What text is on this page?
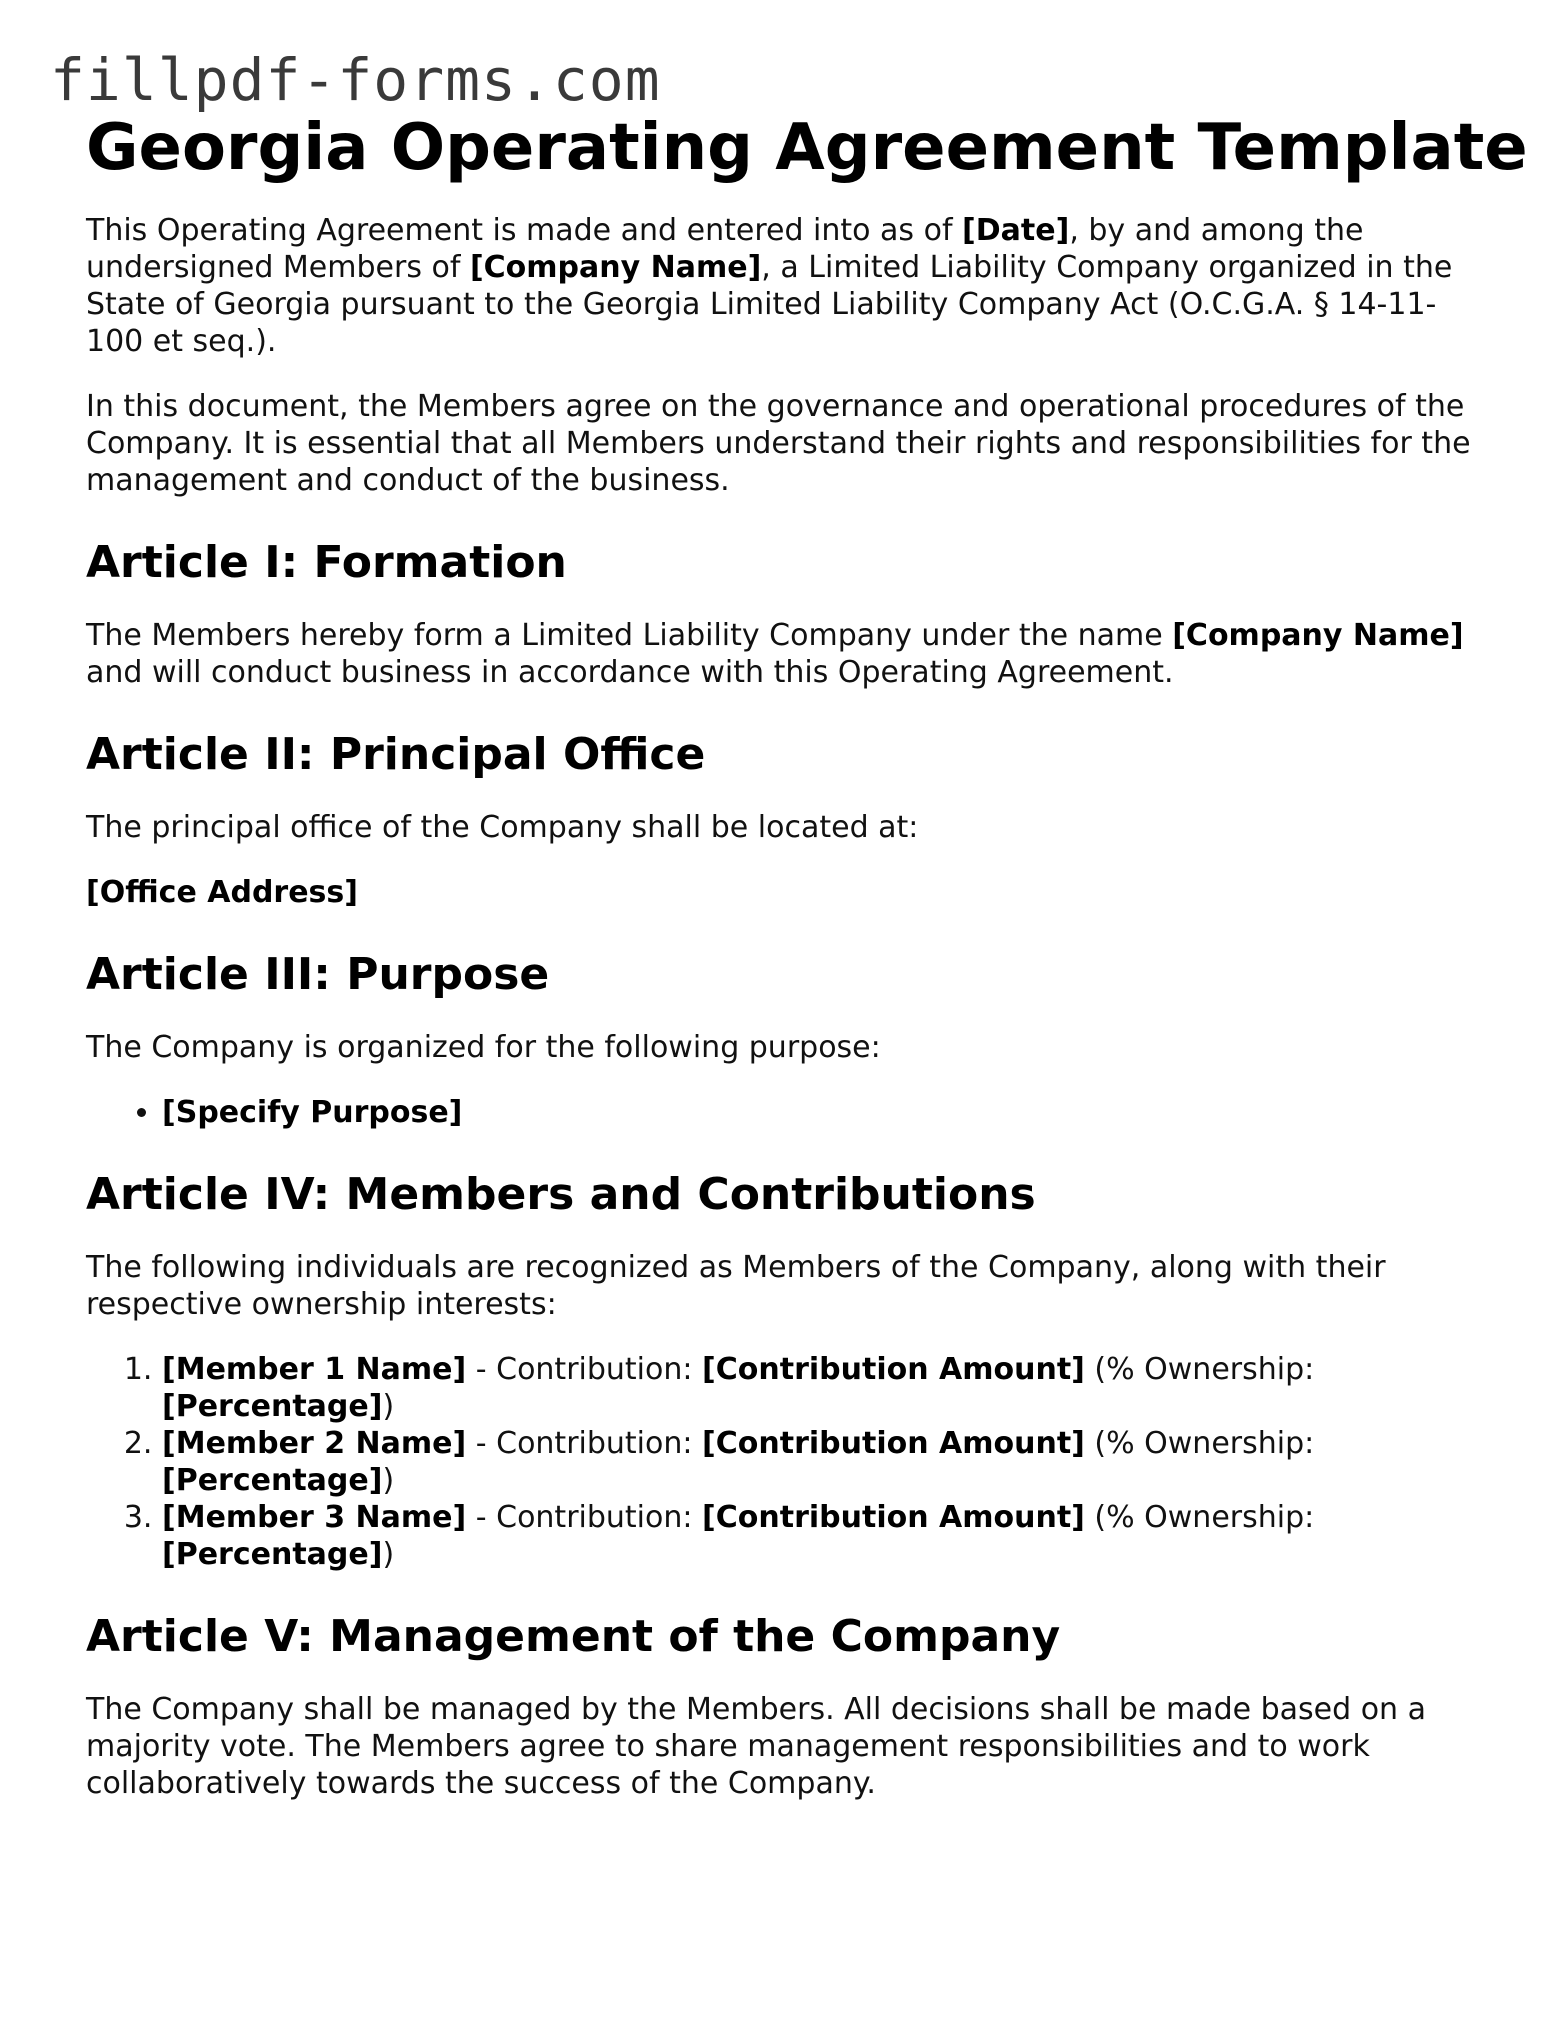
fillpdf-forms.com
Georgia Operating Agreement Template

This Operating Agreement is made and entered into as of [Date], by and among the undersigned Members of [Company Name], a Limited Liability Company organized in the State of Georgia pursuant to the Georgia Limited Liability Company Act (O.C.G.A. § 14-11-100 et seq.).

In this document, the Members agree on the governance and operational procedures of the Company. It is essential that all Members understand their rights and responsibilities for the management and conduct of the business.

Article I: Formation

The Members hereby form a Limited Liability Company under the name [Company Name] and will conduct business in accordance with this Operating Agreement.

Article II: Principal Office

The principal office of the Company shall be located at:

[Office Address]

Article III: Purpose

The Company is organized for the following purpose:

• [Specify Purpose]
Article IV: Members and Contributions

The following individuals are recognized as Members of the Company, along with their respective ownership interests:

1. [Member 1 Name] - Contribution: [Contribution Amount] (% Ownership: [Percentage])
2. [Member 2 Name] - Contribution: [Contribution Amount] (% Ownership: [Percentage])
3. [Member 3 Name] - Contribution: [Contribution Amount] (% Ownership: [Percentage])
Article V: Management of the Company

The Company shall be managed by the Members. All decisions shall be made based on a majority vote. The Members agree to share management responsibilities and to work collaboratively towards the success of the Company.
